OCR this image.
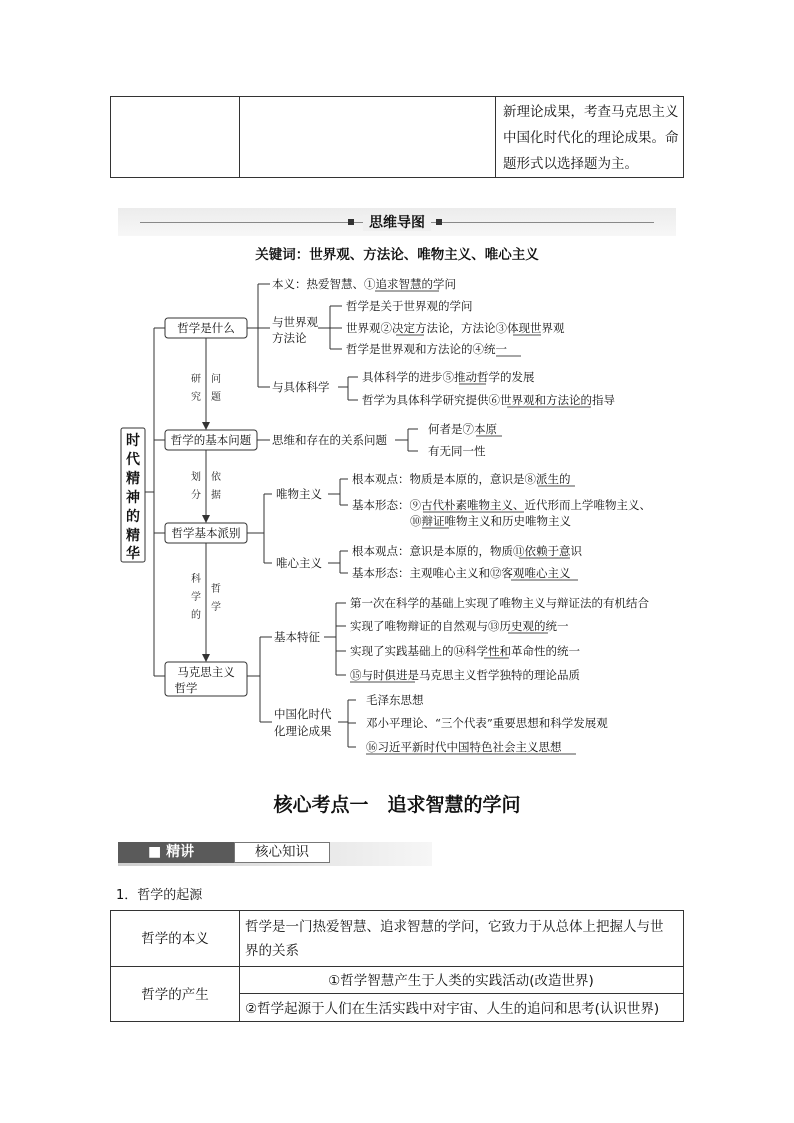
新理论成果，考查马克思主义中国化时代化的理论成果。命题形式以选择题为主。
思维导图
关键词：世界观、方法论、唯物主义、唯心主义
时
代
精
神
的
精
华
哲学是什么
哲学的基本问题
哲学基本派别
马克思主义
哲学
研
究
问
题
划
分
依
据
科
学
的
哲
学
本义：热爱智慧、①追求智慧的学问
与世界观
方法论
哲学是关于世界观的学问
世界观②决定方法论，方法论③体现世界观
哲学是世界观和方法论的④统一
与具体科学
具体科学的进步⑤推动哲学的发展
哲学为具体科学研究提供⑥世界观和方法论的指导
思维和存在的关系问题
何者是⑦本原
有无同一性
唯物主义
根本观点：物质是本原的，意识是⑧派生的
基本形态：⑨古代朴素唯物主义、近代形而上学唯物主义、
⑩辩证唯物主义和历史唯物主义
唯心主义
根本观点：意识是本原的，物质⑪依赖于意识
基本形态：主观唯心主义和⑫客观唯心主义
基本特征
第一次在科学的基础上实现了唯物主义与辩证法的有机结合
实现了唯物辩证的自然观与⑬历史观的统一
实现了实践基础上的⑭科学性和革命性的统一
⑮与时俱进是马克思主义哲学独特的理论品质
中国化时代
化理论成果
毛泽东思想
邓小平理论、“三个代表”重要思想和科学发展观
⑯习近平新时代中国特色社会主义思想
核心考点一　追求智慧的学问
■ 精讲	核心知识
1．哲学的起源
哲学的本义
哲学是一门热爱智慧、追求智慧的学问，它致力于从总体上把握人与世
界的关系
哲学的产生
①哲学智慧产生于人类的实践活动(改造世界)
②哲学起源于人们在生活实践中对宇宙、人生的追问和思考(认识世界)
